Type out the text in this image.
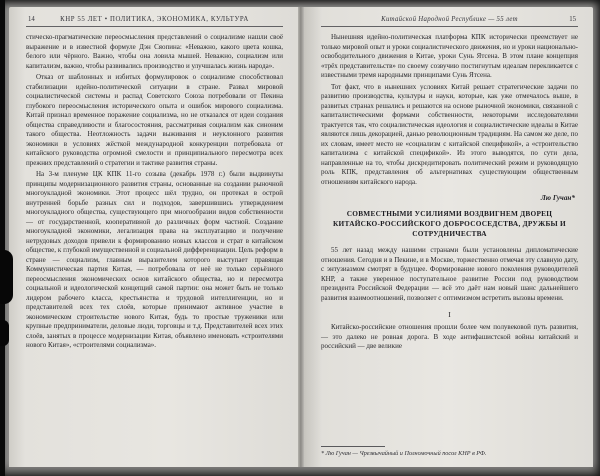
14	КНР 55 ЛЕТ • ПОЛИТИКА, ЭКОНОМИКА, КУЛЬТУРА

стическо-прагматические переосмысления представлений о социализме нашли своё выражение и в известной формуле Дэн Сяопина: «Неважно, какого цвета кошка, белого или чёрного. Важно, чтобы она ловила мышей. Неважно, социализм или капитализм, важно, чтобы развивались производство и улучшалась жизнь народа».

Отказ от шаблонных и избитых формулировок о социализме способствовал стабилизации идейно-политической ситуации в стране. Развал мировой социалистической системы и распад Советского Союза потребовали от Пекина глубокого переосмысления исторического опыта и ошибок мирового социализма. Китай признал временное поражение социализма, но не отказался от идеи создания общества справедливости и благосостояния, рассматривая социализм как синоним такого общества. Неотложность задачи выживания и неуклонного развития экономики в условиях жёсткой международной конкуренции потребовала от китайского руководства огромной смелости и принципиального пересмотра всех прежних представлений о стратегии и тактике развития страны.

На 3-м пленуме ЦК КПК 11-го созыва (декабрь 1978 г.) были выдвинуты принципы модернизационного развития страны, основанные на создании рыночной многоукладной экономики. Этот процесс шёл трудно, он протекал в острой внутренней борьбе разных сил и подходов, завершившись утверждением многоукладного общества, существующего при многообразии видов собственности — от государственной, кооперативной до различных форм частной. Создание многоукладной экономики, легализация права на эксплуатацию и получение нетрудовых доходов привели к формированию новых классов и страт в китайском обществе, к глубокой имущественной и социальной дифференциации. Цель реформ в стране — социализм, главным выразителем которого выступает правящая Коммунистическая партия Китая, — потребовала от неё не только серьёзного переосмысления экономических основ китайского общества, но и пересмотра социальной и идеологической концепций самой партии: она может быть не только лидером рабочего класса, крестьянства и трудовой интеллигенции, но и представителей всех тех слоёв, которые принимают активное участие в экономическом строительстве нового Китая, будь то простые труженики или крупные предприниматели, деловые люди, торговцы и т.д. Представителей всех этих слоёв, занятых в процессе модернизации Китая, объявлено именовать «строителями нового Китая», «строителями социализма».

Китайской Народной Республике — 55 лет	15

Нынешняя идейно-политическая платформа КПК исторически преемствует не только мировой опыт и уроки социалистического движения, но и уроки национально-освободительного движения в Китае, уроки Сунь Ятсена. В этом плане концепция «трёх представительств» по своему созвучию постигнутым идеалам перекликается с известными тремя народными принципами Сунь Ятсена.

Тот факт, что в нынешних условиях Китай решает стратегические задачи по развитию производства, культуры и науки, которые, как уже отмечалось выше, в развитых странах решались и решаются на основе рыночной экономики, связанной с капиталистическими формами собственности, некоторыми исследователями трактуется так, что социалистическая идеология и социалистические идеалы в Китае являются лишь декорацией, данью революционным традициям. На самом же деле, по их словам, имеет место не «социализм с китайской спецификой», а «строительство капитализма с китайской спецификой». Из этого выводятся, по сути дела, направленные на то, чтобы дискредитировать политический режим и руководящую роль КПК, представления об альтернативах существующим общественным отношениям китайского народа.

Лю Гучан*
СОВМЕСТНЫМИ УСИЛИЯМИ ВОЗДВИГНЕМ ДВОРЕЦ КИТАЙСКО-РОССИЙСКОГО ДОБРОСОСЕДСТВА, ДРУЖБЫ И СОТРУДНИЧЕСТВА

55 лет назад между нашими странами были установлены дипломатические отношения. Сегодня и в Пекине, и в Москве, торжественно отмечая эту славную дату, с энтузиазмом смотрят в будущее. Формирование нового поколения руководителей КНР, а также уверенное поступательное развитие России под руководством президента Российской Федерации — всё это даёт нам новый шанс дальнейшего развития взаимоотношений, позволяет с оптимизмом встретить вызовы времени.

I

Китайско-российские отношения прошли более чем полувековой путь развития, — это далеко не ровная дорога. В ходе антифашистской войны китайский и российский — две великие

* Лю Гучан — Чрезвычайный и Полномочный посол КНР в РФ.
